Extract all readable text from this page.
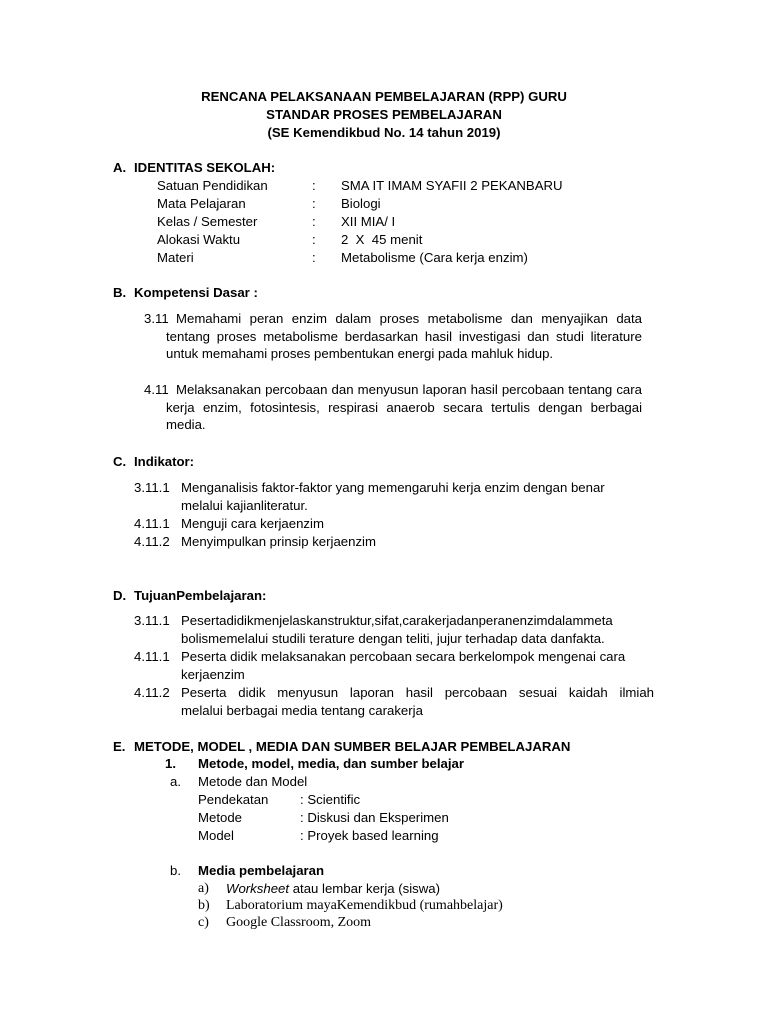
RENCANA PELAKSANAAN PEMBELAJARAN (RPP) GURU
STANDAR PROSES PEMBELAJARAN
(SE Kemendikbud No. 14 tahun 2019)
A. IDENTITAS SEKOLAH:
Satuan Pendidikan	: SMA IT IMAM SYAFII 2 PEKANBARU
Mata Pelajaran	: Biologi
Kelas / Semester	: XII MIA/ I
Alokasi Waktu	: 2  X  45 menit
Materi	: Metabolisme (Cara kerja enzim)
B. Kompetensi Dasar :
3.11 Memahami peran enzim dalam proses metabolisme dan menyajikan data tentang proses metabolisme berdasarkan hasil investigasi dan studi literature untuk memahami proses pembentukan energi pada mahluk hidup.
4.11 Melaksanakan percobaan dan menyusun laporan hasil percobaan tentang cara kerja enzim, fotosintesis, respirasi anaerob secara tertulis dengan berbagai media.
C. Indikator:
3.11.1 Menganalisis faktor-faktor yang memengaruhi kerja enzim dengan benar
melalui kajianliteratur.
4.11.1 Menguji cara kerjaenzim
4.11.2 Menyimpulkan prinsip kerjaenzim
D. TujuanPembelajaran:
3.11.1 Pesertadidikmenjelaskanstruktur,sifat,carakerjadanperanenzimdalammeta
bolismemelalui studili terature dengan teliti, jujur terhadap data danfakta.
4.11.1 Peserta didik melaksanakan percobaan secara berkelompok mengenai cara
kerjaenzim
4.11.2 Peserta didik menyusun laporan hasil percobaan sesuai kaidah ilmiah
melalui berbagai media tentang carakerja
E. METODE, MODEL , MEDIA DAN SUMBER BELAJAR PEMBELAJARAN
1. Metode, model, media, dan sumber belajar
a. Metode dan Model
Pendekatan : Scientific
Metode	: Diskusi dan Eksperimen
Model	: Proyek based learning
b. Media pembelajaran
a) Worksheet atau lembar kerja (siswa)
b) Laboratorium mayaKemendikbud (rumahbelajar)
c) Google Classroom, Zoom
